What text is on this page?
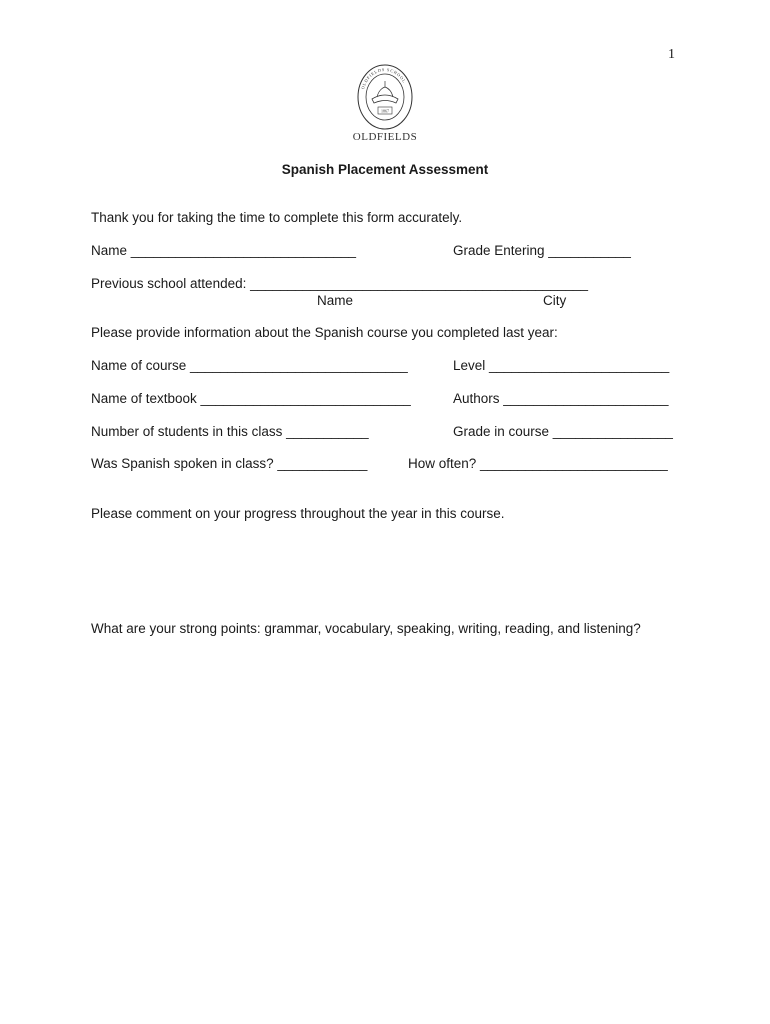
1
1867
OLDFIELDS SCHOOL
OLDFIELDS
Spanish Placement Assessment
Thank you for taking the time to complete this form accurately.
Name ______________________________	Grade Entering ___________
Previous school attended: _____________________________________________
Name	City
Please provide information about the Spanish course you completed last year:
Name of course _____________________________	Level ________________________
Name of textbook ____________________________	Authors ______________________
Number of students in this class ___________	Grade in course ________________
Was Spanish spoken in class? ____________	How often? _________________________
Please comment on your progress throughout the year in this course.
What are your strong points: grammar, vocabulary, speaking, writing, reading, and listening?
